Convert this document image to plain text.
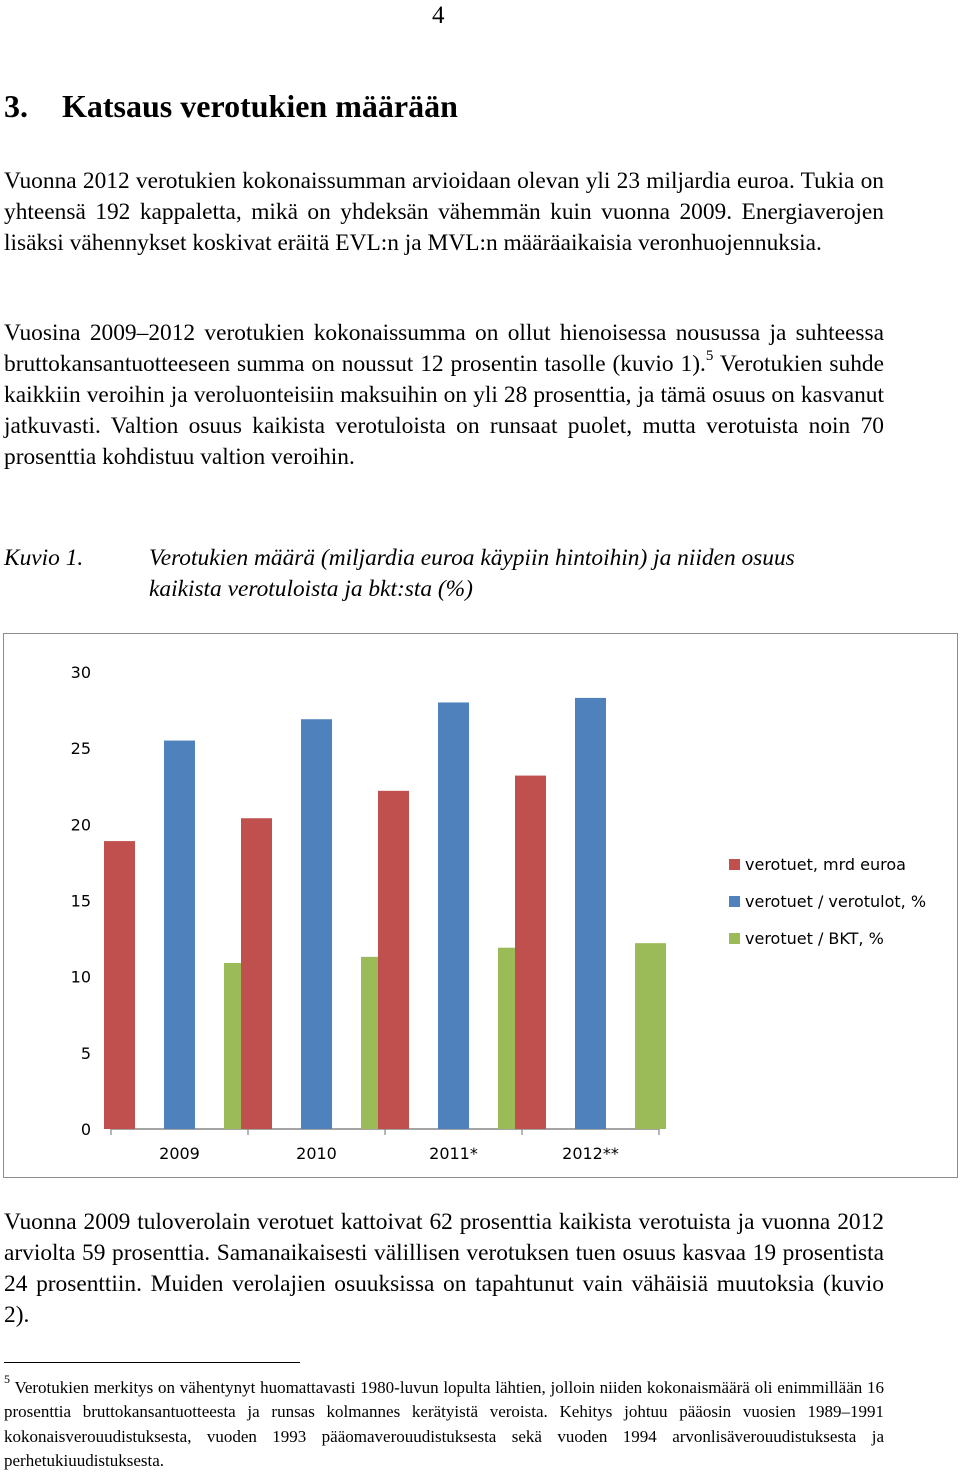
4
3. Katsaus verotukien määrään

Vuonna 2012 verotukien kokonaissumman arvioidaan olevan yli 23 miljardia euroa. Tukia on yhteensä 192 kappaletta, mikä on yhdeksän vähemmän kuin vuonna 2009. Energiaverojen lisäksi vähennykset koskivat eräitä EVL:n ja MVL:n määräaikaisia veronhuojennuksia.

Vuosina 2009–2012 verotukien kokonaissumma on ollut hienoisessa nousussa ja suhteessa bruttokansantuotteeseen summa on noussut 12 prosentin tasolle (kuvio 1).$^5$ Verotukien suhde kaikkiin veroihin ja veroluonteisiin maksuihin on yli 28 prosenttia, ja tämä osuus on kasvanut jatkuvasti. Valtion osuus kaikista verotuloista on runsaat puolet, mutta verotuista noin 70 prosenttia kohdistuu valtion veroihin.

Kuvio 1.	Verotukien määrä (miljardia euroa käypiin hintoihin) ja niiden osuus kaikista verotuloista ja bkt:sta (%)
0
5
10
15
20
25
30
2009	2010	2011*	2012**
verotuet, mrd euroa
verotuet / verotulot, %
verotuet / BKT, %

Vuonna 2009 tuloverolain verotuet kattoivat 62 prosenttia kaikista verotuista ja vuonna 2012 arviolta 59 prosenttia. Samanaikaisesti välillisen verotuksen tuen osuus kasvaa 19 prosentista 24 prosenttiin. Muiden verolajien osuuksissa on tapahtunut vain vähäisiä muutoksia (kuvio 2).

$^5$ Verotukien merkitys on vähentynyt huomattavasti 1980-luvun lopulta lähtien, jolloin niiden kokonaismäärä oli enimmillään 16 prosenttia bruttokansantuotteesta ja runsas kolmannes kerätyistä veroista. Kehitys johtuu pääosin vuosien 1989–1991 kokonaisverouudistuksesta, vuoden 1993 pääomaverouudistuksesta sekä vuoden 1994 arvonlisäverouudistuksesta ja perhetukiuudistuksesta.
